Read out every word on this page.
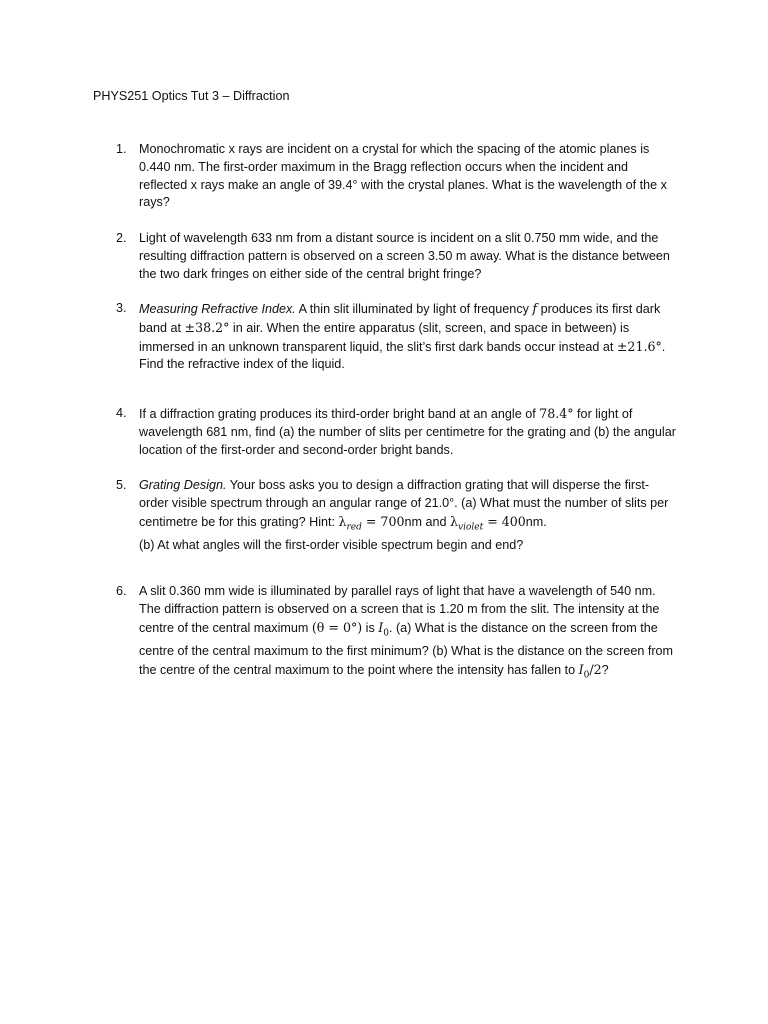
PHYS251 Optics Tut 3 – Diffraction
1. Monochromatic x rays are incident on a crystal for which the spacing of the atomic planes is 0.440 nm. The first-order maximum in the Bragg reflection occurs when the incident and reflected x rays make an angle of 39.4° with the crystal planes. What is the wavelength of the x rays?
2. Light of wavelength 633 nm from a distant source is incident on a slit 0.750 mm wide, and the resulting diffraction pattern is observed on a screen 3.50 m away. What is the distance between the two dark fringes on either side of the central bright fringe?
3. Measuring Refractive Index. A thin slit illuminated by light of frequency f produces its first dark band at ±38.2° in air. When the entire apparatus (slit, screen, and space in between) is immersed in an unknown transparent liquid, the slit’s first dark bands occur instead at ±21.6°. Find the refractive index of the liquid.
4. If a diffraction grating produces its third-order bright band at an angle of 78.4° for light of wavelength 681 nm, find (a) the number of slits per centimetre for the grating and (b) the angular location of the first-order and second-order bright bands.
5. Grating Design. Your boss asks you to design a diffraction grating that will disperse the first-order visible spectrum through an angular range of 21.0°. (a) What must the number of slits per centimetre be for this grating? Hint: $\lambda_{red} = 700nm$ and $\lambda_{violet} = 400nm$.
(b) At what angles will the first-order visible spectrum begin and end?
6. A slit 0.360 mm wide is illuminated by parallel rays of light that have a wavelength of 540 nm. The diffraction pattern is observed on a screen that is 1.20 m from the slit. The intensity at the centre of the central maximum (θ = 0°) is $I_0$. (a) What is the distance on the screen from the centre of the central maximum to the first minimum? (b) What is the distance on the screen from the centre of the central maximum to the point where the intensity has fallen to $I_0/2$?
